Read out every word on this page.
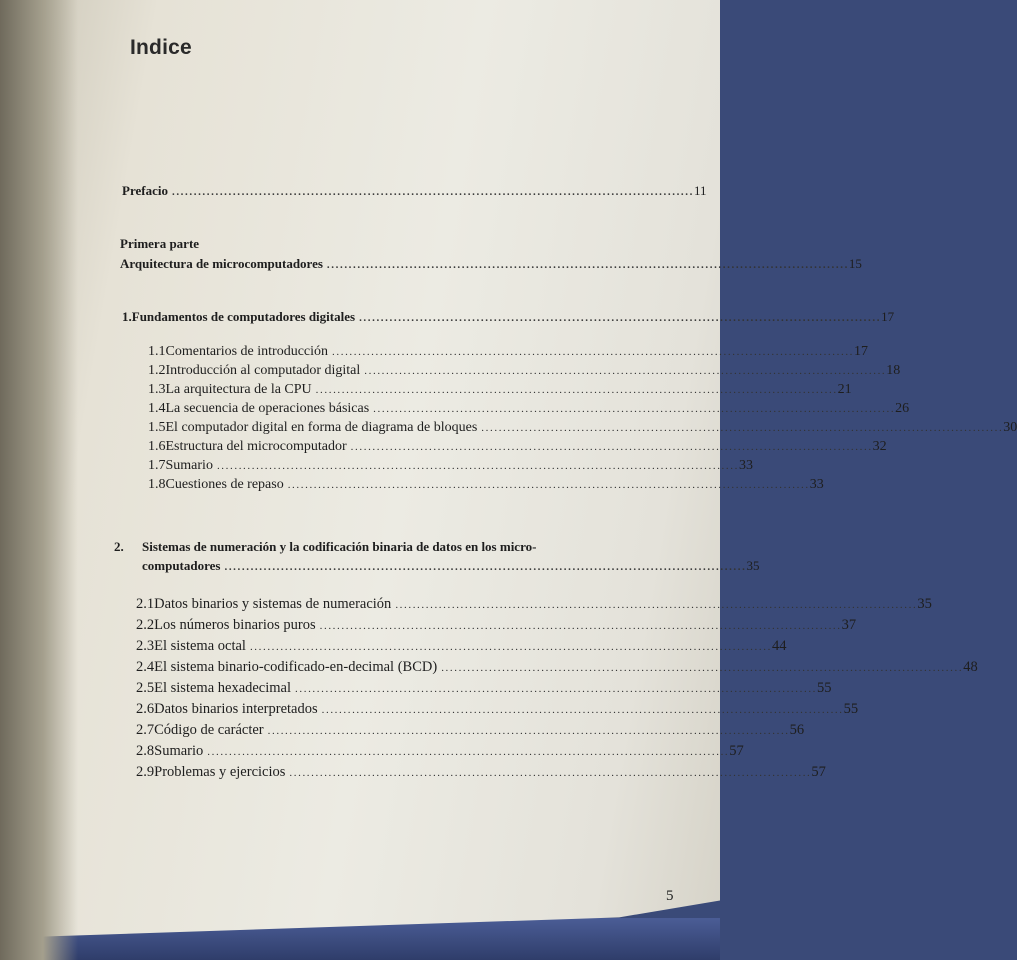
Indice
Prefacio ........................................................................................................................ 11
Primera parte
Arquitectura de microcomputadores ........................................................................................................................ 15
1. Fundamentos de computadores digitales ........................................................................................................................ 17
1.1 Comentarios de introducción ........................................................................................................................ 17
1.2 Introducción al computador digital ........................................................................................................................ 18
1.3 La arquitectura de la CPU ........................................................................................................................ 21
1.4 La secuencia de operaciones básicas ........................................................................................................................ 26
1.5 El computador digital en forma de diagrama de bloques ........................................................................................................................ 30
1.6 Estructura del microcomputador ........................................................................................................................ 32
1.7 Sumario ........................................................................................................................ 33
1.8 Cuestiones de repaso ........................................................................................................................ 33
2. Sistemas de numeración y la codificación binaria de datos en los micro-
computadores ........................................................................................................................ 35
2.1 Datos binarios y sistemas de numeración ........................................................................................................................ 35
2.2 Los números binarios puros ........................................................................................................................ 37
2.3 El sistema octal ........................................................................................................................ 44
2.4 El sistema binario-codificado-en-decimal (BCD) ........................................................................................................................ 48
2.5 El sistema hexadecimal ........................................................................................................................ 55
2.6 Datos binarios interpretados ........................................................................................................................ 55
2.7 Código de carácter ........................................................................................................................ 56
2.8 Sumario ........................................................................................................................ 57
2.9 Problemas y ejercicios ........................................................................................................................ 57
5
